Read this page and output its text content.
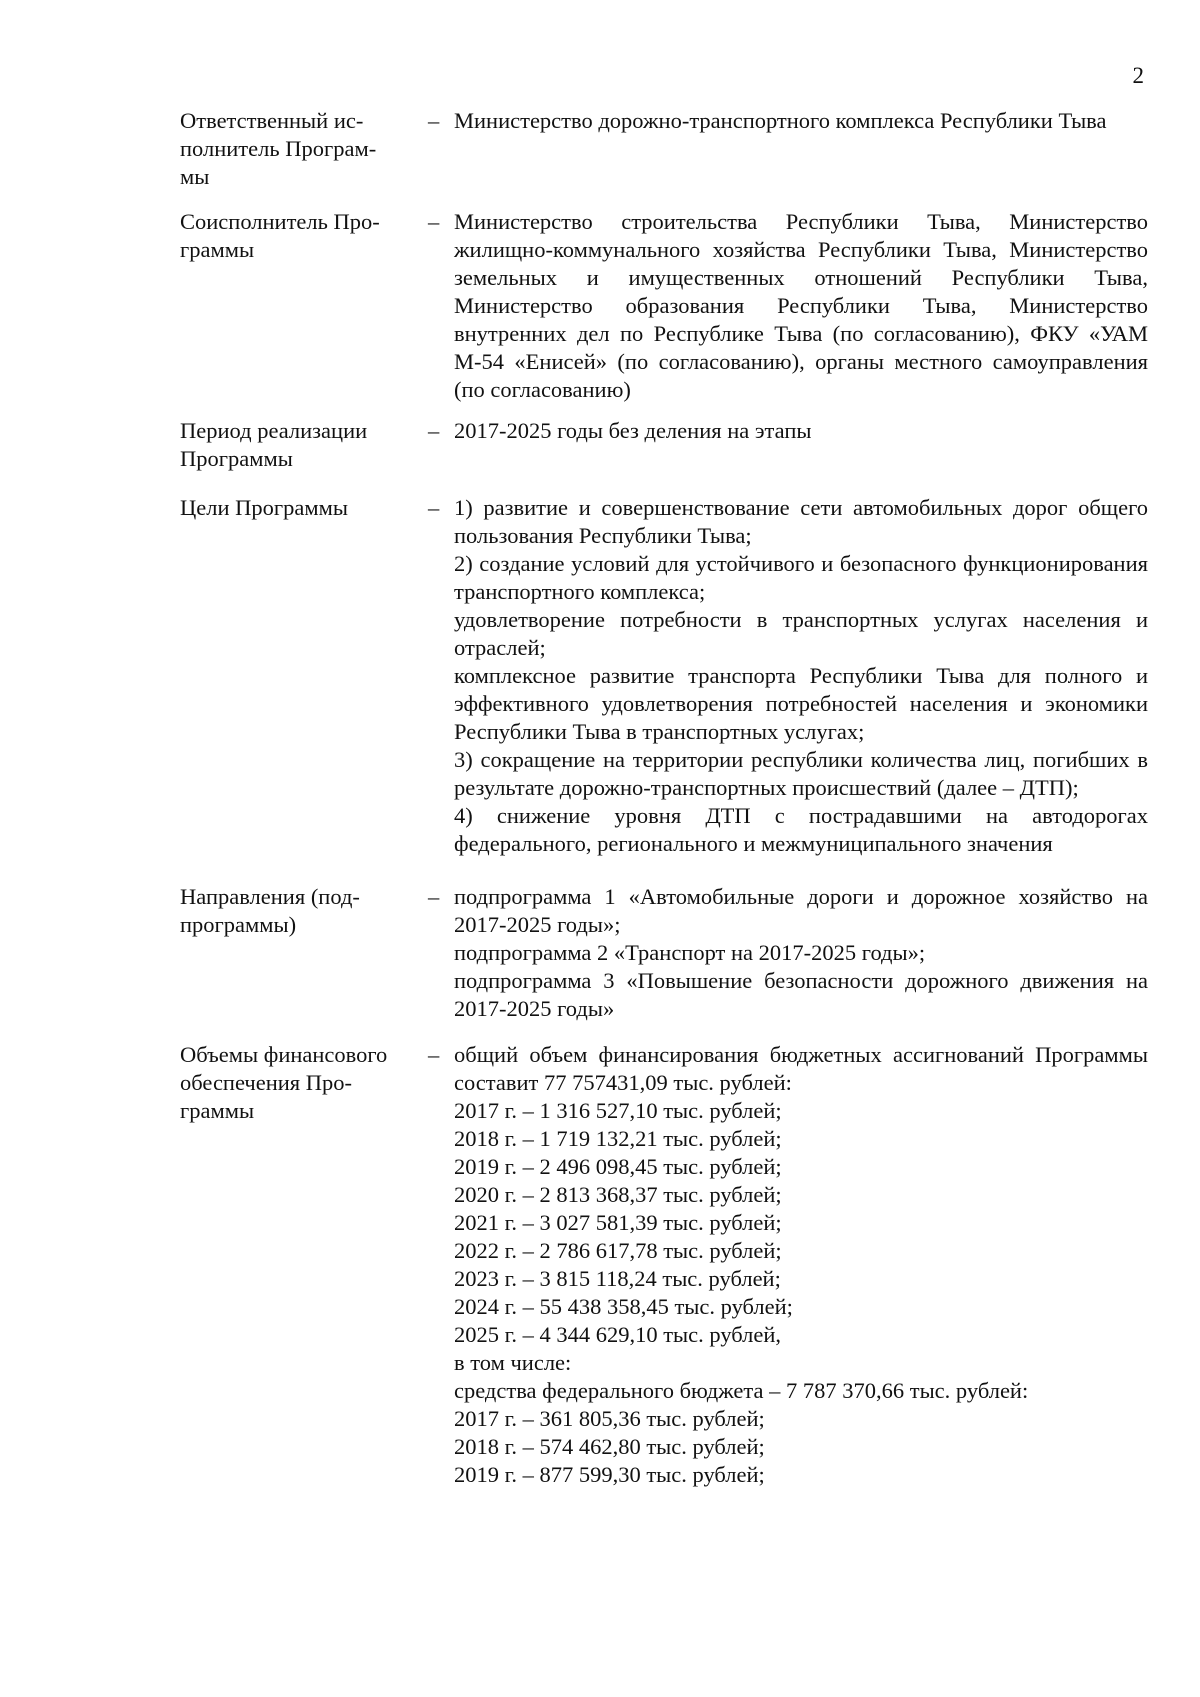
2

Ответственный ис-

полнитель Програм-

мы

– Министерство дорожно-транспортного комплекса Республики Тыва

Соисполнитель Про-

граммы

– Министерство строительства Республики Тыва, Министерство жилищно-коммунального хозяйства Республики Тыва, Министерство земельных и имущественных отношений Республики Тыва, Министерство образования Республики Тыва, Министерство внутренних дел по Республике Тыва (по согласованию), ФКУ «УАМ М-54 «Енисей» (по согласованию), органы местного самоуправления (по согласованию)

Период реализации

Программы

– 2017-2025 годы без деления на этапы

Цели Программы	– 1) развитие и совершенствование сети автомобильных дорог общего пользования Республики Тыва;

2) создание условий для устойчивого и безопасного функционирования транспортного комплекса;

удовлетворение потребности в транспортных услугах населения и отраслей;

комплексное развитие транспорта Республики Тыва для полного и эффективного удовлетворения потребностей населения и экономики Республики Тыва в транспортных услугах;

3) сокращение на территории республики количества лиц, погибших в результате дорожно-транспортных происшествий (далее – ДТП);

4) снижение уровня ДТП с пострадавшими на автодорогах федерального, регионального и межмуниципального значения

Направления (под-

программы)

– подпрограмма 1 «Автомобильные дороги и дорожное хозяйство на 2017-2025 годы»;

подпрограмма 2 «Транспорт на 2017-2025 годы»;

подпрограмма 3 «Повышение безопасности дорожного движения на 2017-2025 годы»

Объемы финансового

обеспечения Про-

граммы

– общий объем финансирования бюджетных ассигнований Программы составит 77 757431,09 тыс. рублей:

2017 г. – 1 316 527,10 тыс. рублей;

2018 г. – 1 719 132,21 тыс. рублей;

2019 г. – 2 496 098,45 тыс. рублей;

2020 г. – 2 813 368,37 тыс. рублей;

2021 г. – 3 027 581,39 тыс. рублей;

2022 г. – 2 786 617,78 тыс. рублей;

2023 г. – 3 815 118,24 тыс. рублей;

2024 г. – 55 438 358,45 тыс. рублей;

2025 г. – 4 344 629,10 тыс. рублей,

в том числе:

средства федерального бюджета – 7 787 370,66 тыс. рублей:

2017 г. – 361 805,36 тыс. рублей;

2018 г. – 574 462,80 тыс. рублей;

2019 г. – 877 599,30 тыс. рублей;
